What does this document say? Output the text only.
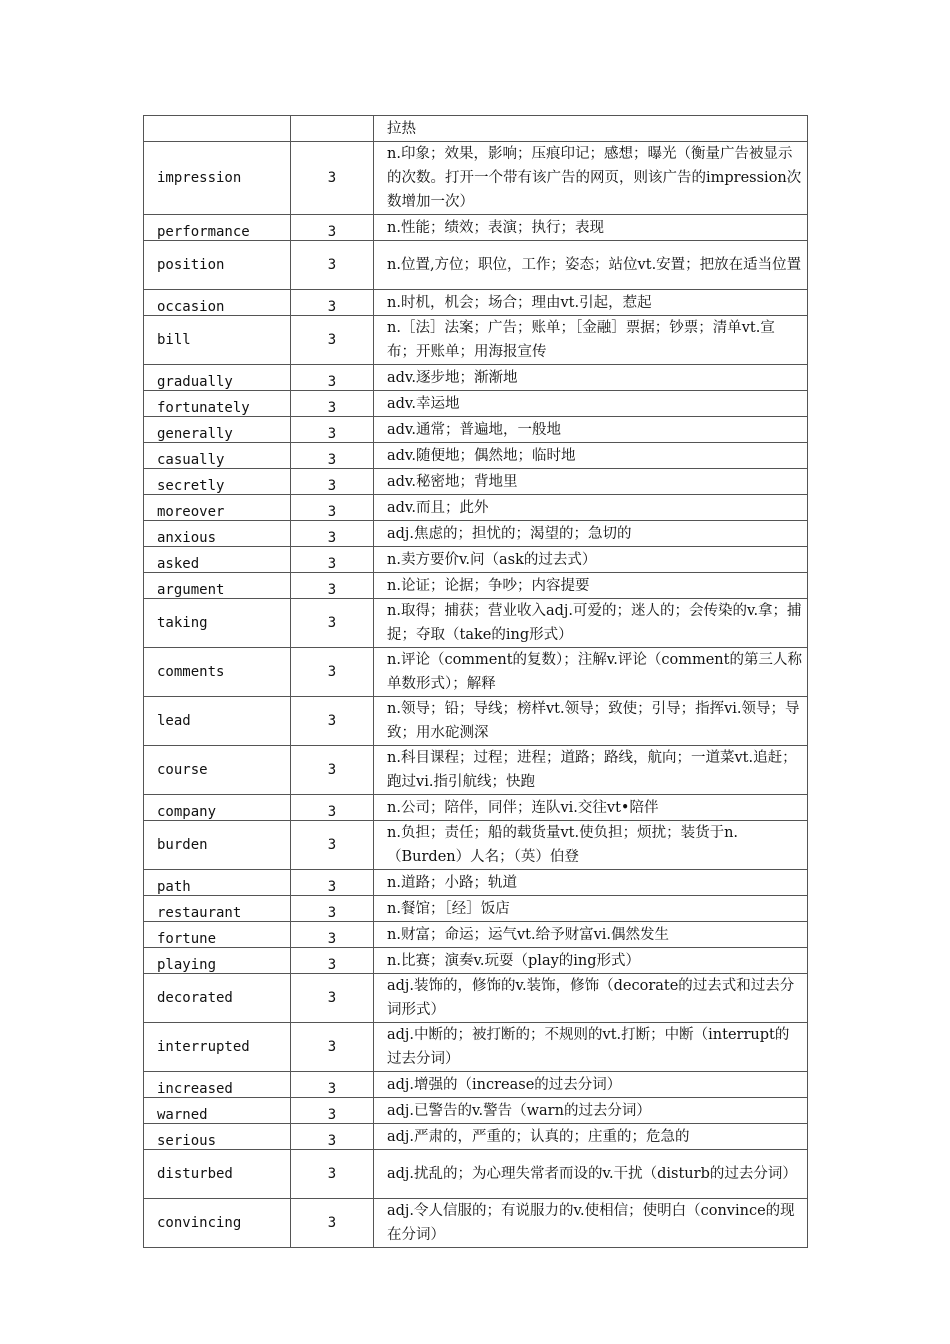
		拉热
impression	3	n.印象；效果，影响；压痕印记；感想；曝光（衡量广告被显示的次数。打开一个带有该广告的网页，则该广告的impression次数增加一次）
performance	3	n.性能；绩效；表演；执行；表现
position	3	n.位置,方位；职位，工作；姿态；站位vt.安置；把放在适当位置
occasion	3	n.时机，机会；场合；理由vt.引起，惹起
bill	3	n.［法］法案；广告；账单；［金融］票据；钞票；清单vt.宣布；开账单；用海报宣传
gradually	3	adv.逐步地；渐渐地
fortunately	3	adv.幸运地
generally	3	adv.通常；普遍地，一般地
casually	3	adv.随便地；偶然地；临时地
secretly	3	adv.秘密地；背地里
moreover	3	adv.而且；此外
anxious	3	adj.焦虑的；担忧的；渴望的；急切的
asked	3	n.卖方要价v.问（ask的过去式）
argument	3	n.论证；论据；争吵；内容提要
taking	3	n.取得；捕获；营业收入adj.可爱的；迷人的；会传染的v.拿；捕捉；夺取（take的ing形式）
comments	3	n.评论（comment的复数）；注解v.评论（comment的第三人称单数形式）；解释
lead	3	n.领导；铅；导线；榜样vt.领导；致使；引导；指挥vi.领导；导致；用水砣测深
course	3	n.科目课程；过程；进程；道路；路线，航向；一道菜vt.追赶；跑过vi.指引航线；快跑
company	3	n.公司；陪伴，同伴；连队vi.交往vt•陪伴
burden	3	n.负担；责任；船的载货量vt.使负担；烦扰；装货于n.（Burden）人名；（英）伯登
path	3	n.道路；小路；轨道
restaurant	3	n.餐馆；［经］饭店
fortune	3	n.财富；命运；运气vt.给予财富vi.偶然发生
playing	3	n.比赛；演奏v.玩耍（play的ing形式）
decorated	3	adj.装饰的，修饰的v.装饰，修饰（decorate的过去式和过去分词形式）
interrupted	3	adj.中断的；被打断的；不规则的vt.打断；中断（interrupt的过去分词）
increased	3	adj.增强的（increase的过去分词）
warned	3	adj.已警告的v.警告（warn的过去分词）
serious	3	adj.严肃的，严重的；认真的；庄重的；危急的
disturbed	3	adj.扰乱的；为心理失常者而设的v.干扰（disturb的过去分词）
convincing	3	adj.令人信服的；有说服力的v.使相信；使明白（convince的现在分词）
